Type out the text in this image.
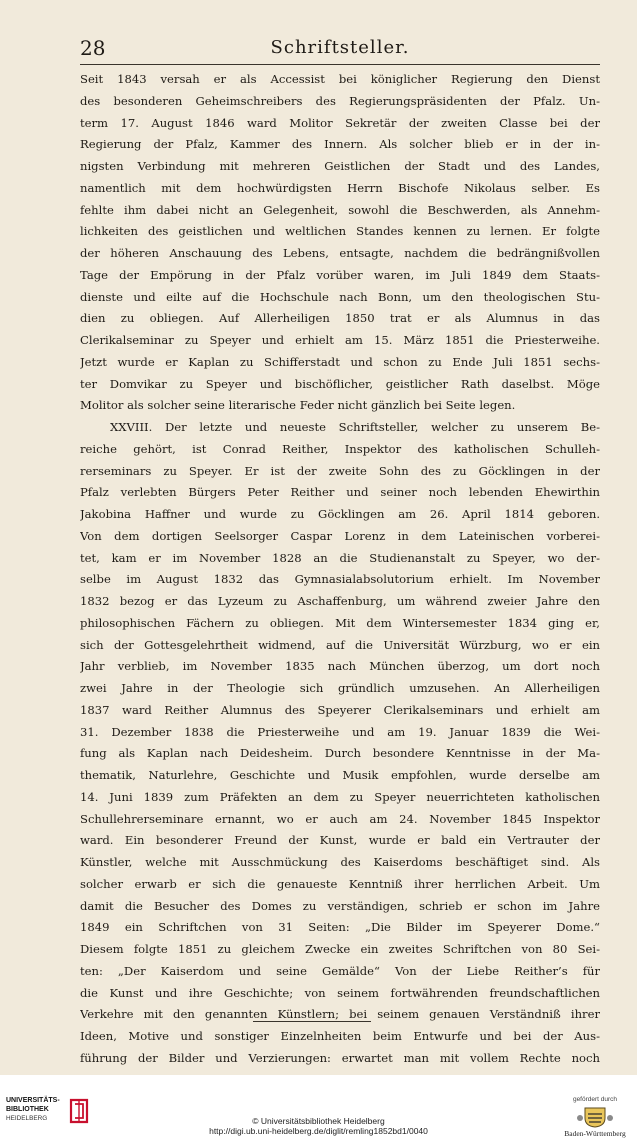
28	Schriftsteller.
Seit 1843 versah er als Accessist bei königlicher Regierung den Dienst
des besonderen Geheimschreibers des Regierungspräsidenten der Pfalz. Un-
term 17. August 1846 ward Molitor Sekretär der zweiten Classe bei der
Regierung der Pfalz, Kammer des Innern. Als solcher blieb er in der in-
nigsten Verbindung mit mehreren Geistlichen der Stadt und des Landes,
namentlich mit dem hochwürdigsten Herrn Bischofe Nikolaus selber. Es
fehlte ihm dabei nicht an Gelegenheit, sowohl die Beschwerden, als Annehm-
lichkeiten des geistlichen und weltlichen Standes kennen zu lernen. Er folgte
der höheren Anschauung des Lebens, entsagte, nachdem die bedrängnißvollen
Tage der Empörung in der Pfalz vorüber waren, im Juli 1849 dem Staats-
dienste und eilte auf die Hochschule nach Bonn, um den theologischen Stu-
dien zu obliegen. Auf Allerheiligen 1850 trat er als Alumnus in das
Clerikalseminar zu Speyer und erhielt am 15. März 1851 die Priesterweihe.
Jetzt wurde er Kaplan zu Schifferstadt und schon zu Ende Juli 1851 sechs-
ter Domvikar zu Speyer und bischöflicher, geistlicher Rath daselbst. Möge
Molitor als solcher seine literarische Feder nicht gänzlich bei Seite legen.
XXVIII. Der letzte und neueste Schriftsteller, welcher zu unserem Be-
reiche gehört, ist Conrad Reither, Inspektor des katholischen Schulleh-
rerseminars zu Speyer. Er ist der zweite Sohn des zu Göcklingen in der
Pfalz verlebten Bürgers Peter Reither und seiner noch lebenden Ehewirthin
Jakobina Haffner und wurde zu Göcklingen am 26. April 1814 geboren.
Von dem dortigen Seelsorger Caspar Lorenz in dem Lateinischen vorberei-
tet, kam er im November 1828 an die Studienanstalt zu Speyer, wo der-
selbe im August 1832 das Gymnasialabsolutorium erhielt. Im November
1832 bezog er das Lyzeum zu Aschaffenburg, um während zweier Jahre den
philosophischen Fächern zu obliegen. Mit dem Wintersemester 1834 ging er,
sich der Gottesgelehrtheit widmend, auf die Universität Würzburg, wo er ein
Jahr verblieb, im November 1835 nach München überzog, um dort noch
zwei Jahre in der Theologie sich gründlich umzusehen. An Allerheiligen
1837 ward Reither Alumnus des Speyerer Clerikalseminars und erhielt am
31. Dezember 1838 die Priesterweihe und am 19. Januar 1839 die Wei-
fung als Kaplan nach Deidesheim. Durch besondere Kenntnisse in der Ma-
thematik, Naturlehre, Geschichte und Musik empfohlen, wurde derselbe am
14. Juni 1839 zum Präfekten an dem zu Speyer neuerrichteten katholischen
Schullehrerseminare ernannt, wo er auch am 24. November 1845 Inspektor
ward. Ein besonderer Freund der Kunst, wurde er bald ein Vertrauter der
Künstler, welche mit Ausschmückung des Kaiserdoms beschäftiget sind. Als
solcher erwarb er sich die genaueste Kenntniß ihrer herrlichen Arbeit. Um
damit die Besucher des Domes zu verständigen, schrieb er schon im Jahre
1849 ein Schriftchen von 31 Seiten: „Die Bilder im Speyerer Dome.“
Diesem folgte 1851 zu gleichem Zwecke ein zweites Schriftchen von 80 Sei-
ten: „Der Kaiserdom und seine Gemälde“ Von der Liebe Reither’s für
die Kunst und ihre Geschichte; von seinem fortwährenden freundschaftlichen
Verkehre mit den genannten Künstlern; bei seinem genauen Verständniß ihrer
Ideen, Motive und sonstiger Einzelnheiten beim Entwurfe und bei der Aus-
führung der Bilder und Verzierungen: erwartet man mit vollem Rechte noch
UNIVERSITÄTS-
BIBLIOTHEK
HEIDELBERG	© Universitätsbibliothek Heidelberg
http://digi.ub.uni-heidelberg.de/diglit/remling1852bd1/0040
gefördert durch
Baden-Württemberg
